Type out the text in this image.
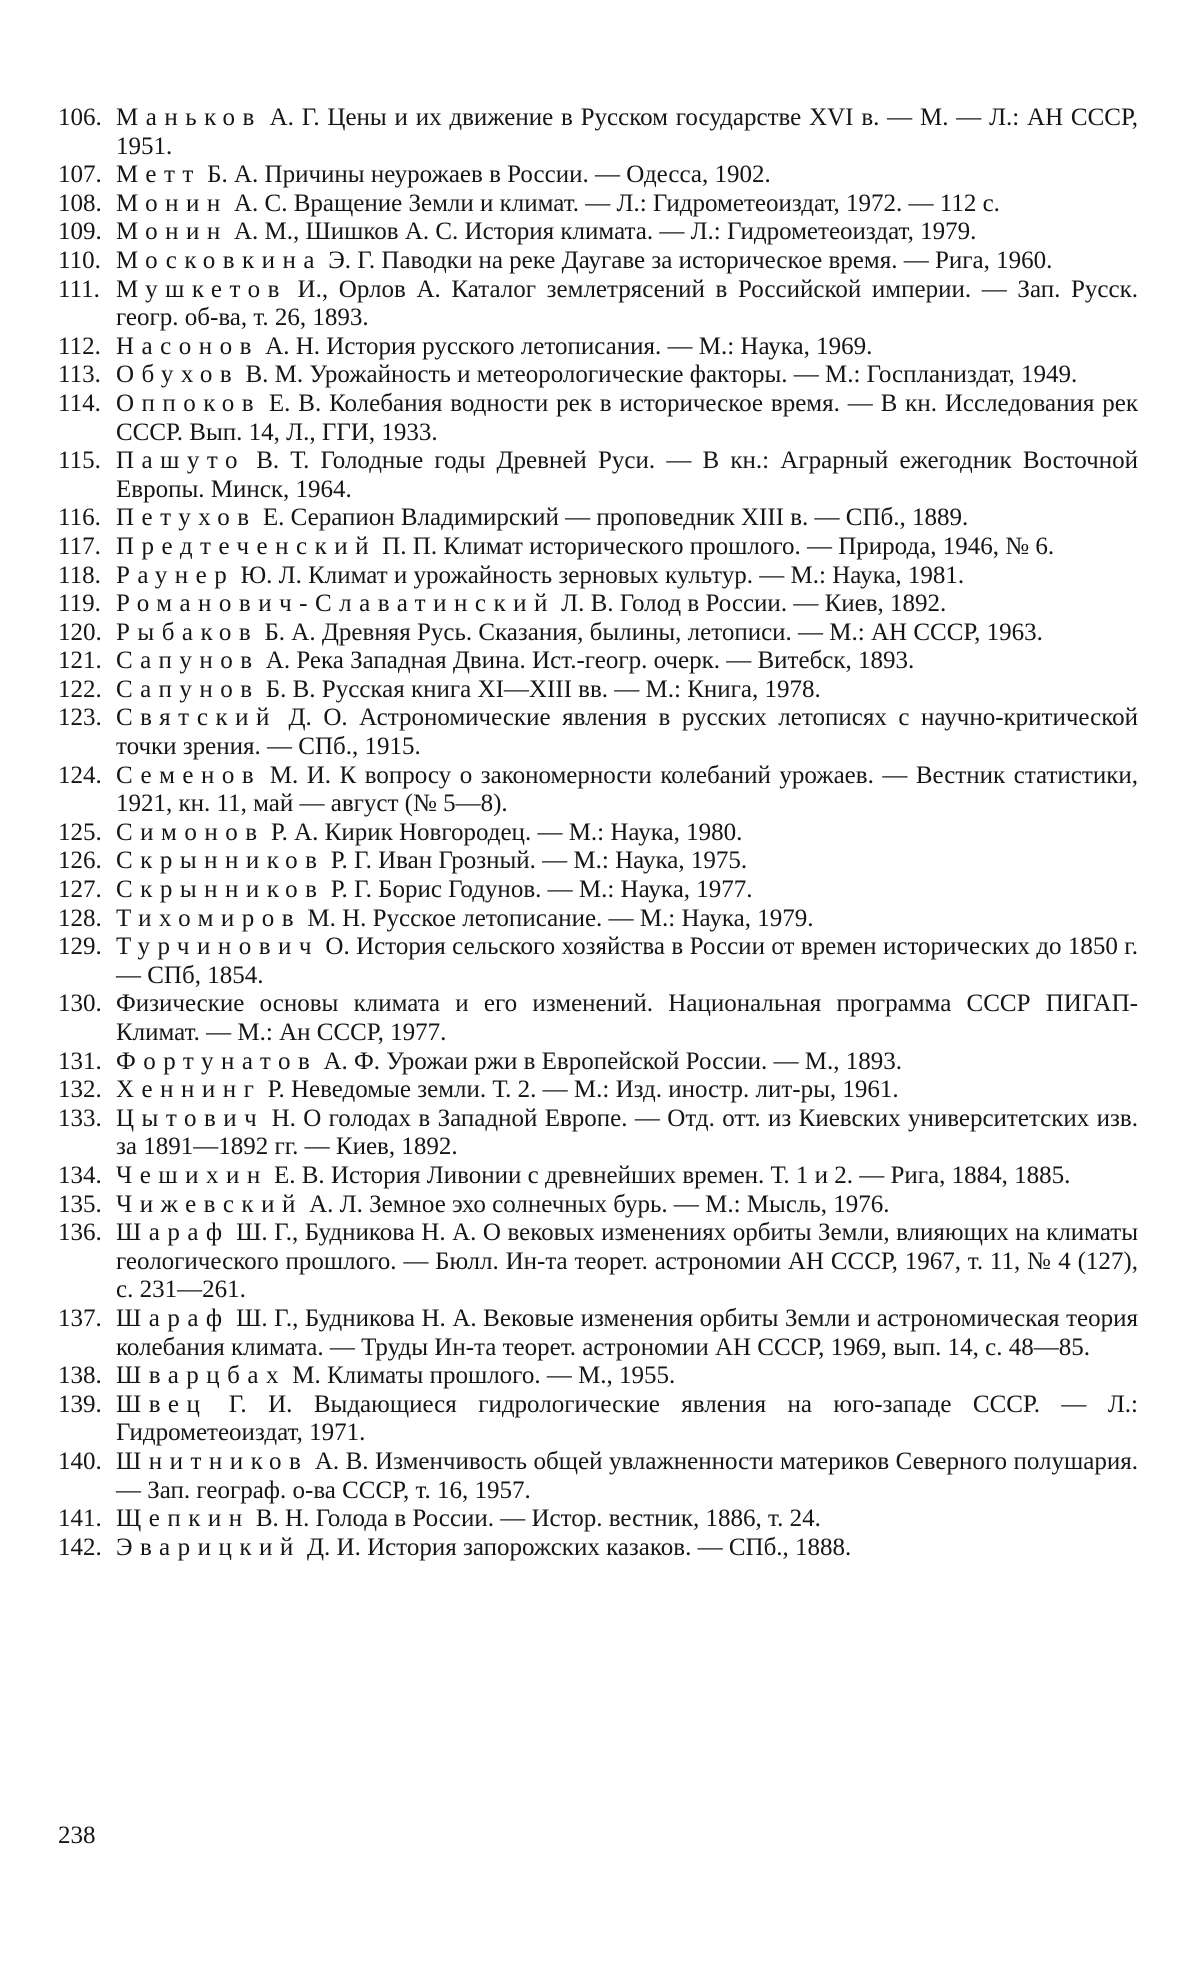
106. Маньков А. Г. Цены и их движение в Русском государстве XVI в. — М. — Л.: АН СССР, 1951.
107. Метт Б. А. Причины неурожаев в России. — Одесса, 1902.
108. Монин А. С. Вращение Земли и климат. — Л.: Гидрометеоиздат, 1972. — 112 с.
109. Монин А. М., Шишков А. С. История климата. — Л.: Гидрометеоиздат, 1979.
110. Московкина Э. Г. Паводки на реке Даугаве за историческое время. — Рига, 1960.
111. Мушкетов И., Орлов А. Каталог землетрясений в Российской империи. — Зап. Русск. геогр. об-ва, т. 26, 1893.
112. Насонов А. Н. История русского летописания. — М.: Наука, 1969.
113. Обухов В. М. Урожайность и метеорологические факторы. — М.: Госпланиздат, 1949.
114. Оппоков Е. В. Колебания водности рек в историческое время. — В кн. Исследования рек СССР. Вып. 14, Л., ГГИ, 1933.
115. Пашуто В. Т. Голодные годы Древней Руси. — В кн.: Аграрный ежегодник Восточной Европы. Минск, 1964.
116. Петухов Е. Серапион Владимирский — проповедник XIII в. — СПб., 1889.
117. Предтеченский П. П. Климат исторического прошлого. — Природа, 1946, № 6.
118. Раунер Ю. Л. Климат и урожайность зерновых культур. — М.: Наука, 1981.
119. Романович-Славатинский Л. В. Голод в России. — Киев, 1892.
120. Рыбаков Б. А. Древняя Русь. Сказания, былины, летописи. — М.: АН СССР, 1963.
121. Сапунов А. Река Западная Двина. Ист.-геогр. очерк. — Витебск, 1893.
122. Сапунов Б. В. Русская книга XI—XIII вв. — М.: Книга, 1978.
123. Святский Д. О. Астрономические явления в русских летописях с научно-критической точки зрения. — СПб., 1915.
124. Семенов М. И. К вопросу о закономерности колебаний урожаев. — Вестник статистики, 1921, кн. 11, май — август (№ 5—8).
125. Симонов Р. А. Кирик Новгородец. — М.: Наука, 1980.
126. Скрынников Р. Г. Иван Грозный. — М.: Наука, 1975.
127. Скрынников Р. Г. Борис Годунов. — М.: Наука, 1977.
128. Тихомиров М. Н. Русское летописание. — М.: Наука, 1979.
129. Турчинович О. История сельского хозяйства в России от времен исторических до 1850 г. — СПб, 1854.
130. Физические основы климата и его изменений. Национальная программа СССР ПИГАП-Климат. — М.: Ан СССР, 1977.
131. Фортунатов А. Ф. Урожаи ржи в Европейской России. — М., 1893.
132. Хеннинг Р. Неведомые земли. Т. 2. — М.: Изд. иностр. лит-ры, 1961.
133. Цытович Н. О голодах в Западной Европе. — Отд. отт. из Киевских университетских изв. за 1891—1892 гг. — Киев, 1892.
134. Чешихин Е. В. История Ливонии с древнейших времен. Т. 1 и 2. — Рига, 1884, 1885.
135. Чижевский А. Л. Земное эхо солнечных бурь. — М.: Мысль, 1976.
136. Шараф Ш. Г., Будникова Н. А. О вековых изменениях орбиты Земли, влияющих на климаты геологического прошлого. — Бюлл. Ин-та теорет. астрономии АН СССР, 1967, т. 11, № 4 (127), с. 231—261.
137. Шараф Ш. Г., Будникова Н. А. Вековые изменения орбиты Земли и астрономическая теория колебания климата. — Труды Ин-та теорет. астрономии АН СССР, 1969, вып. 14, с. 48—85.
138. Шварцбах М. Климаты прошлого. — М., 1955.
139. Швец Г. И. Выдающиеся гидрологические явления на юго-западе СССР. — Л.: Гидрометеоиздат, 1971.
140. Шнитников А. В. Изменчивость общей увлажненности материков Северного полушария. — Зап. географ. о-ва СССР, т. 16, 1957.
141. Щепкин В. Н. Голода в России. — Истор. вестник, 1886, т. 24.
142. Эварицкий Д. И. История запорожских казаков. — СПб., 1888.
238
